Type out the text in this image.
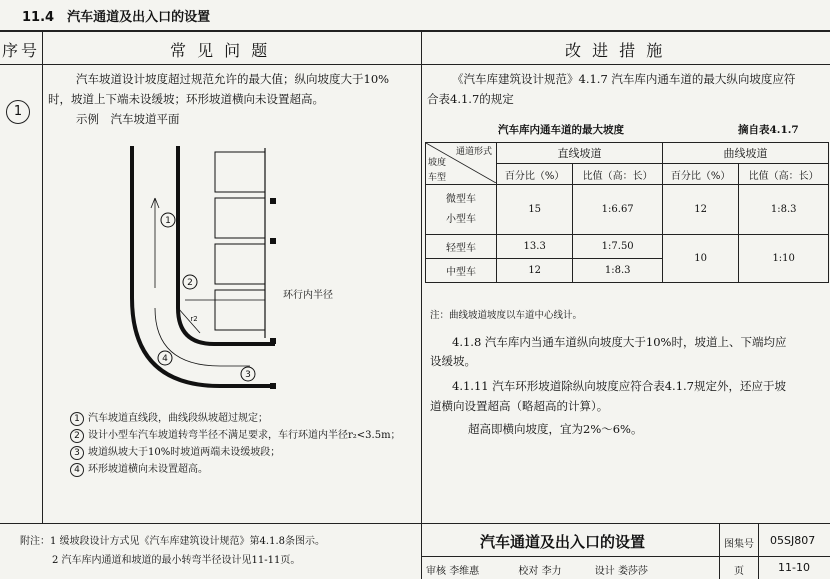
11.4　汽车通道及出入口的设置
序号	常 见 问 题	改 进 措 施
1
汽车坡道设计坡度超过规范允许的最大值；纵向坡度大于10%
时，坡道上下端未设缓坡；环形坡道横向未设置超高。
示例　汽车坡道平面
1
2
3
4
r2
环行内半径
1 汽车坡道直线段，曲线段纵坡超过规定；
2 设计小型车汽车坡道转弯半径不满足要求，车行环道内半径r₂<3.5m；
3 坡道纵坡大于10%时坡道两端未设缓坡段；
4 环形坡道横向未设置超高。
《汽车库建筑设计规范》4.1.7 汽车库内通车道的最大纵向坡度应符
合表4.1.7的规定
汽车库内通车道的最大坡度	摘自表4.1.7
通道形式
坡度
车型	直线坡道		曲线坡道	
	百分比（%）	比值（高：长）	百分比（%）	比值（高：长）
微型车
小型车	15	1:6.67	12	1:8.3
轻型车	13.3	1:7.50	10	1:10
中型车	12	1:8.3		
注：曲线坡道坡度以车道中心线计。
4.1.8 汽车库内当通车道纵向坡度大于10%时，坡道上、下端均应
设缓坡。
4.1.11 汽车环形坡道除纵向坡度应符合表4.1.7规定外，还应于坡
道横向设置超高（略超高的计算）。
超高即横向坡度，宜为2%～6%。
附注：1 缓坡段设计方式见《汽车库建筑设计规范》第4.1.8条图示。
2 汽车库内通道和坡道的最小转弯半径设计见11-11页。
汽车通道及出入口的设置	图集号 05SJ807
页	11-10
审核 李维惠	校对 李力	设计 娄莎莎
